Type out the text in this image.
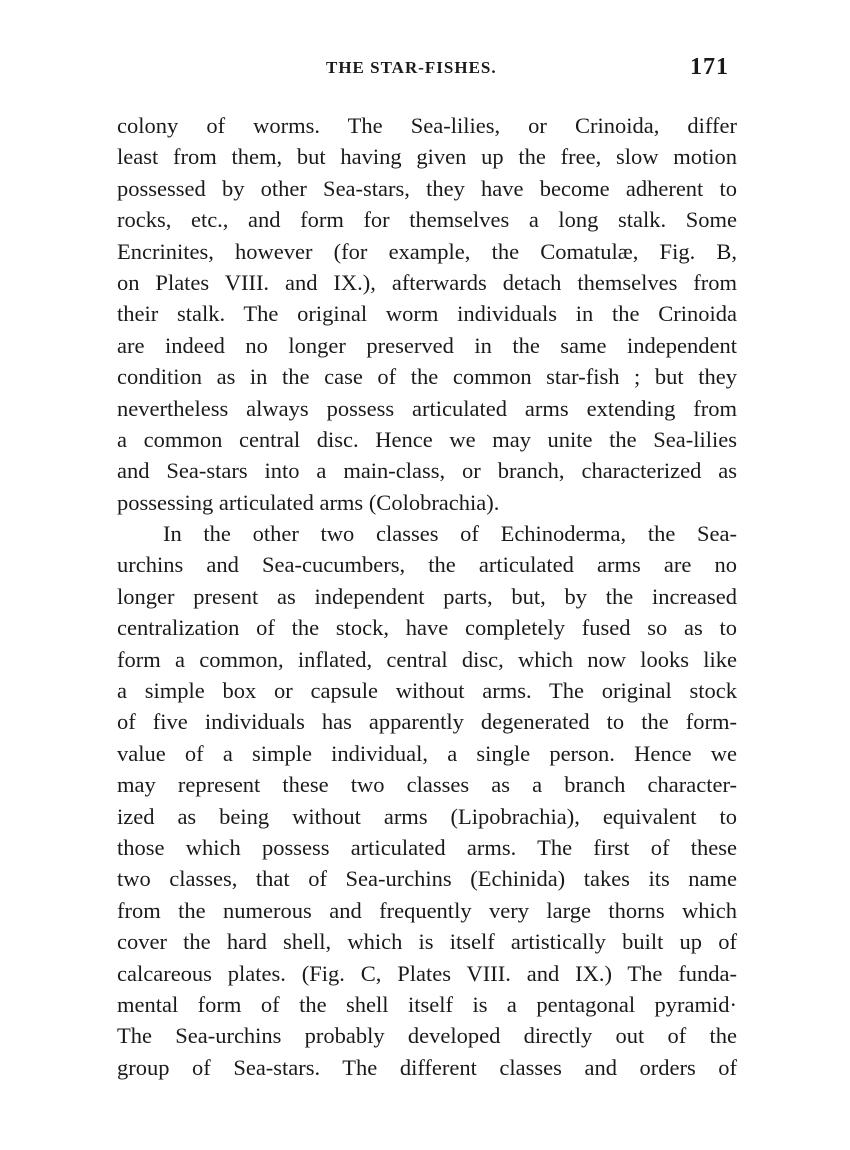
THE STAR-FISHES.	171
colony of worms. The Sea-lilies, or Crinoida, differ
least from them, but having given up the free, slow motion
possessed by other Sea-stars, they have become adherent to
rocks, etc., and form for themselves a long stalk. Some
Encrinites, however (for example, the Comatulæ, Fig. B,
on Plates VIII. and IX.), afterwards detach themselves from
their stalk. The original worm individuals in the Crinoida
are indeed no longer preserved in the same independent
condition as in the case of the common star-fish ; but they
nevertheless always possess articulated arms extending from
a common central disc. Hence we may unite the Sea-lilies
and Sea-stars into a main-class, or branch, characterized as
possessing articulated arms (Colobrachia).
In the other two classes of Echinoderma, the Sea-
urchins and Sea-cucumbers, the articulated arms are no
longer present as independent parts, but, by the increased
centralization of the stock, have completely fused so as to
form a common, inflated, central disc, which now looks like
a simple box or capsule without arms. The original stock
of five individuals has apparently degenerated to the form-
value of a simple individual, a single person. Hence we
may represent these two classes as a branch character-
ized as being without arms (Lipobrachia), equivalent to
those which possess articulated arms. The first of these
two classes, that of Sea-urchins (Echinida) takes its name
from the numerous and frequently very large thorns which
cover the hard shell, which is itself artistically built up of
calcareous plates. (Fig. C, Plates VIII. and IX.) The funda-
mental form of the shell itself is a pentagonal pyramid·
The Sea-urchins probably developed directly out of the
group of Sea-stars. The different classes and orders of
